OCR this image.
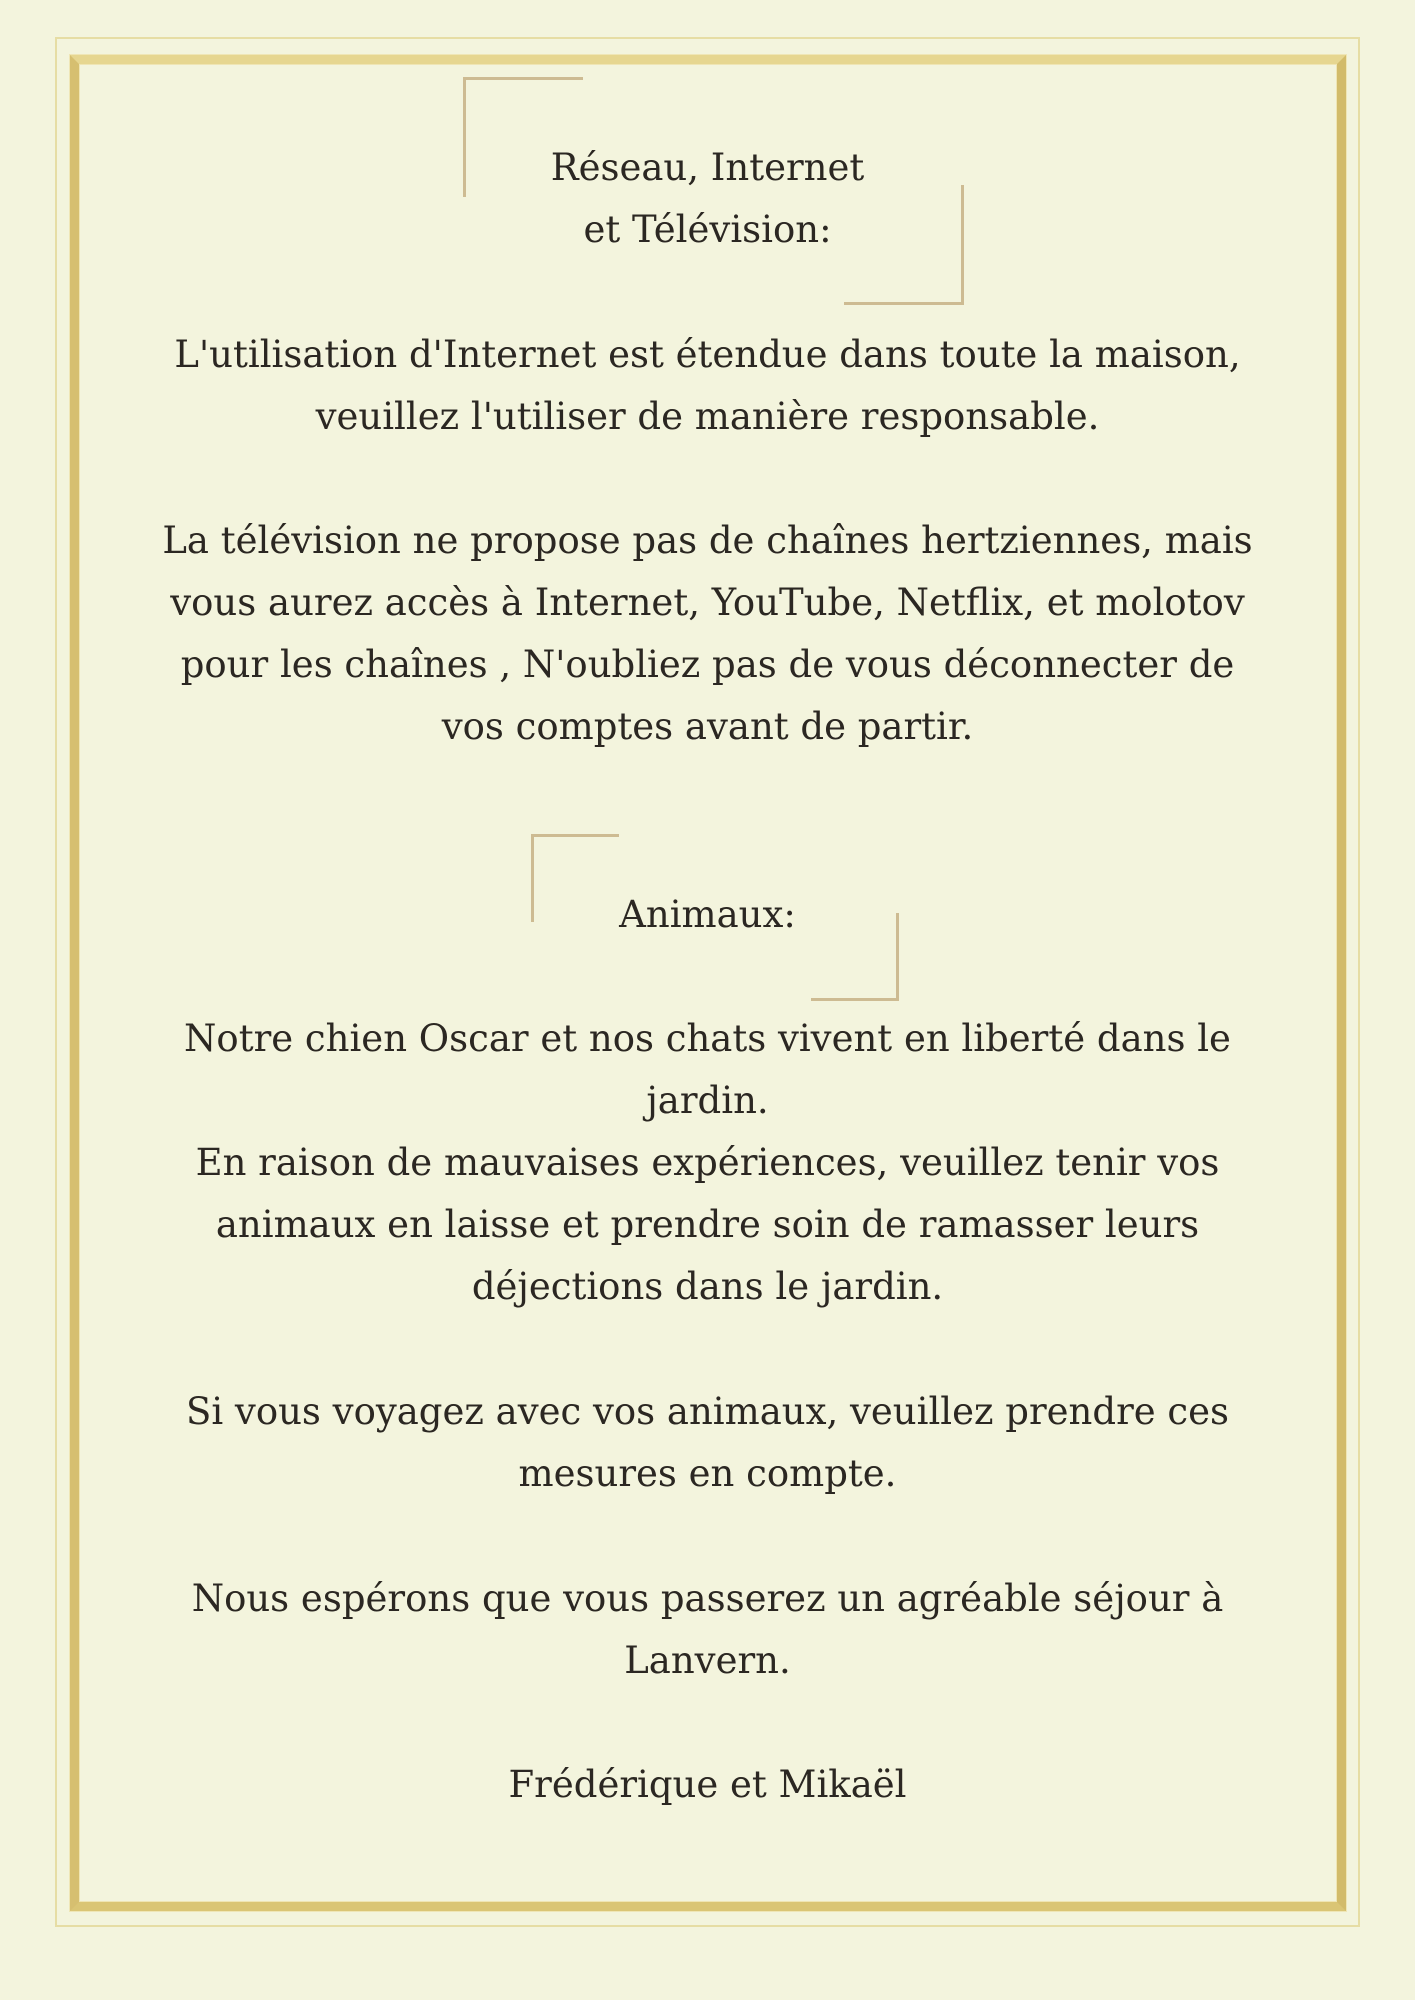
Réseau, Internet

et Télévision:

L'utilisation d'Internet est étendue dans toute la maison,

veuillez l'utiliser de manière responsable.

La télévision ne propose pas de chaînes hertziennes, mais

vous aurez accès à Internet, YouTube, Netflix, et molotov

pour les chaînes , N'oubliez pas de vous déconnecter de

vos comptes avant de partir.

Animaux:

Notre chien Oscar et nos chats vivent en liberté dans le

jardin.

En raison de mauvaises expériences, veuillez tenir vos

animaux en laisse et prendre soin de ramasser leurs

déjections dans le jardin.

Si vous voyagez avec vos animaux, veuillez prendre ces

mesures en compte.

Nous espérons que vous passerez un agréable séjour à

Lanvern.

Frédérique et Mikaël
